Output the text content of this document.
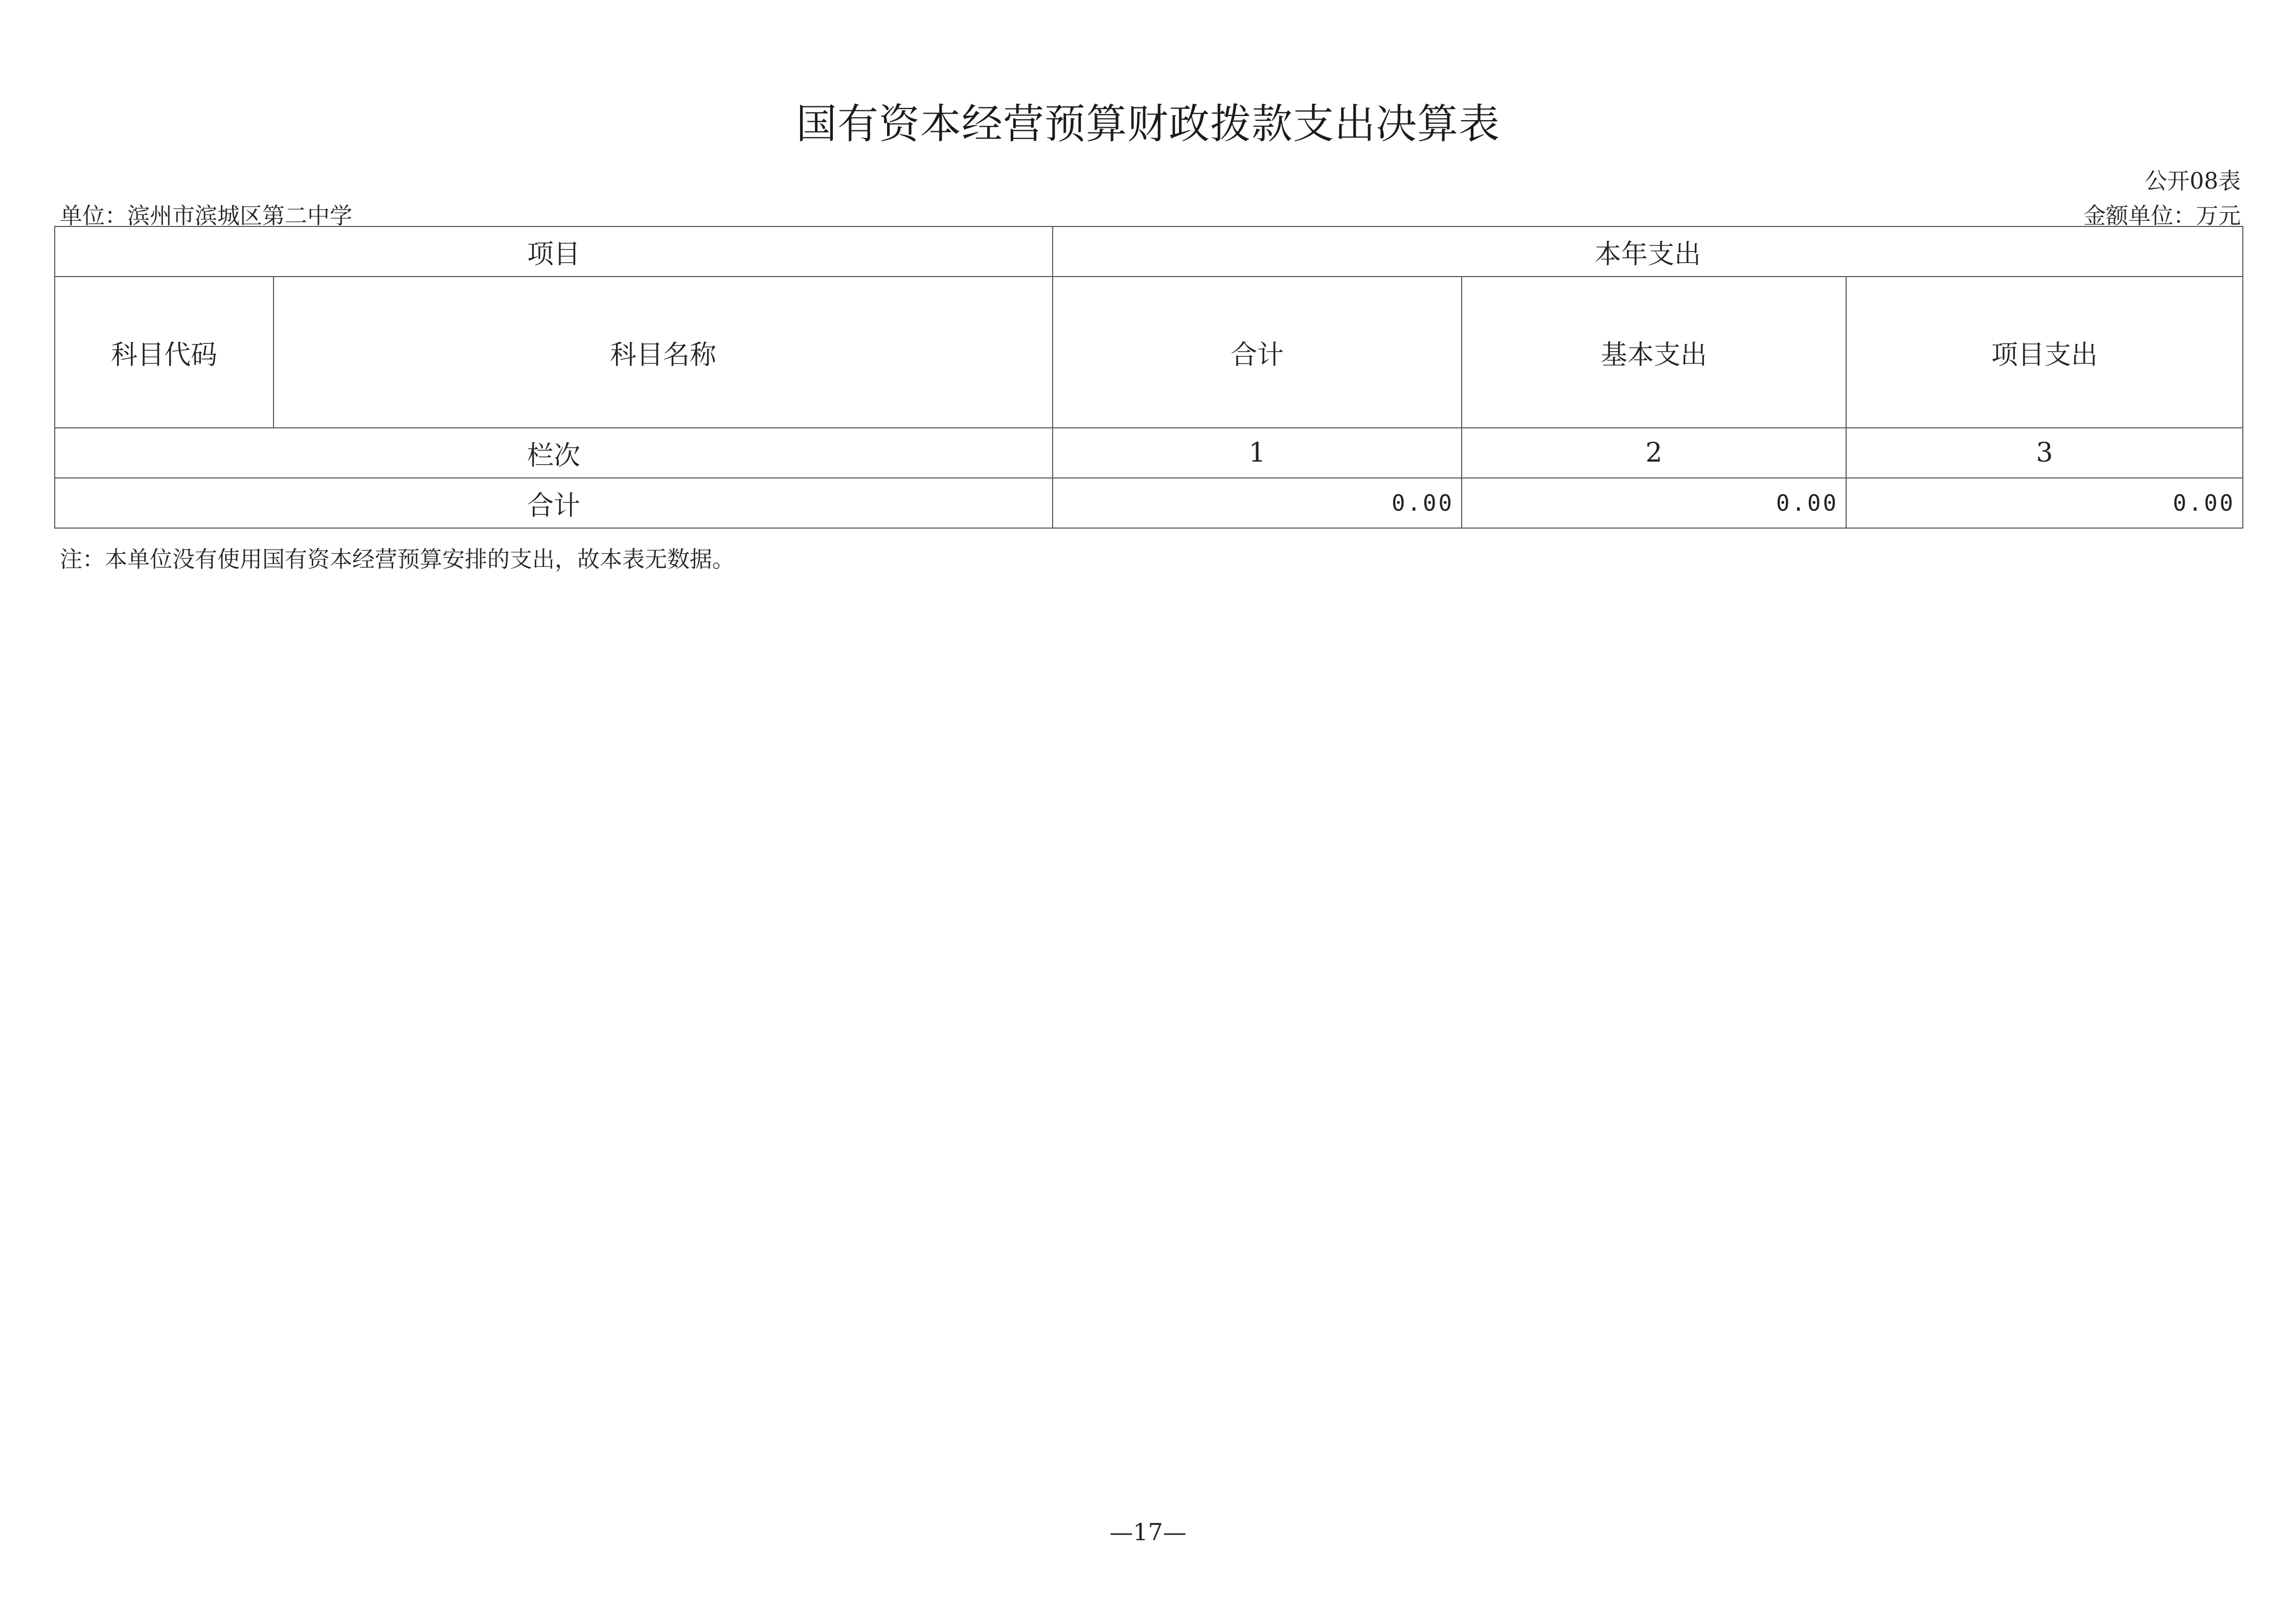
国有资本经营预算财政拨款支出决算表
公开08表
单位：滨州市滨城区第二中学	金额单位：万元
项目		本年支出		
科目代码	科目名称	合计	基本支出	项目支出
栏次		1	2	3
合计		0.00	0.00	0.00
注：本单位没有使用国有资本经营预算安排的支出，故本表无数据。
—17—
